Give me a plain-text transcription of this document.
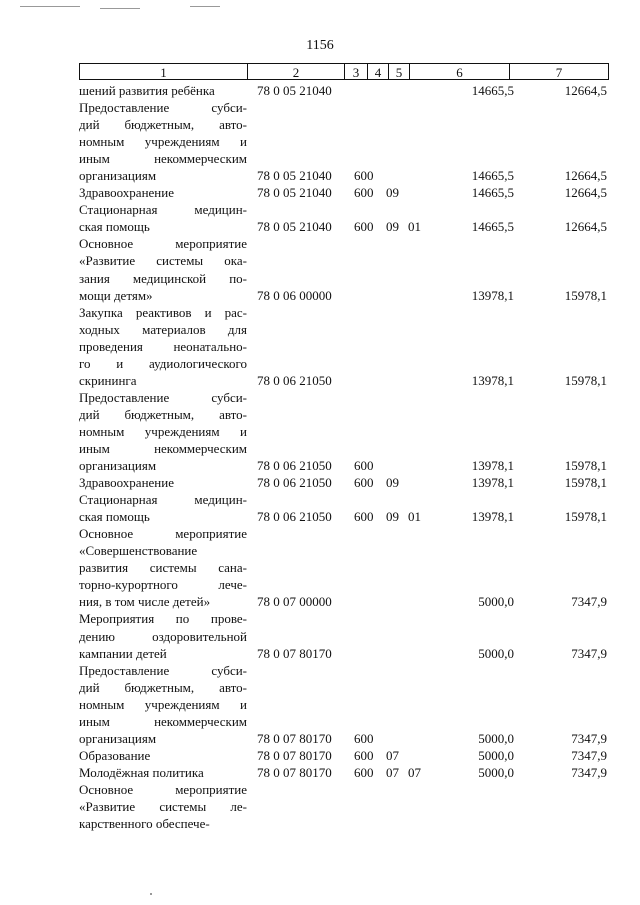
1156
1	2	3	4	5	6	7
шений развития ребёнка	78 0 05 21040	14665,5	12664,5
Предоставление субси-
дий бюджетным, авто-
номным учреждениям и
иным некоммерческим
организациям	78 0 05 21040 600	14665,5	12664,5
Здравоохранение	78 0 05 21040 600 09	14665,5	12664,5
Стационарная медицин-
ская помощь	78 0 05 21040 600 09 01	14665,5	12664,5
Основное мероприятие
«Развитие системы ока-
зания медицинской по-
мощи детям»	78 0 06 00000	13978,1	15978,1
Закупка реактивов и рас-
ходных материалов для
проведения неонатально-
го и аудиологического
скрининга	78 0 06 21050	13978,1	15978,1
Предоставление субси-
дий бюджетным, авто-
номным учреждениям и
иным некоммерческим
организациям	78 0 06 21050 600	13978,1	15978,1
Здравоохранение	78 0 06 21050 600 09	13978,1	15978,1
Стационарная медицин-
ская помощь	78 0 06 21050 600 09 01	13978,1	15978,1
Основное мероприятие
«Совершенствование
развития системы сана-
торно-курортного лече-
ния, в том числе детей»	78 0 07 00000	5000,0	7347,9
Мероприятия по прове-
дению оздоровительной
кампании детей	78 0 07 80170	5000,0	7347,9
Предоставление субси-
дий бюджетным, авто-
номным учреждениям и
иным некоммерческим
организациям	78 0 07 80170 600	5000,0	7347,9
Образование	78 0 07 80170 600 07	5000,0	7347,9
Молодёжная политика	78 0 07 80170 600 07 07	5000,0	7347,9
Основное мероприятие
«Развитие системы ле-
карственного обеспече-
